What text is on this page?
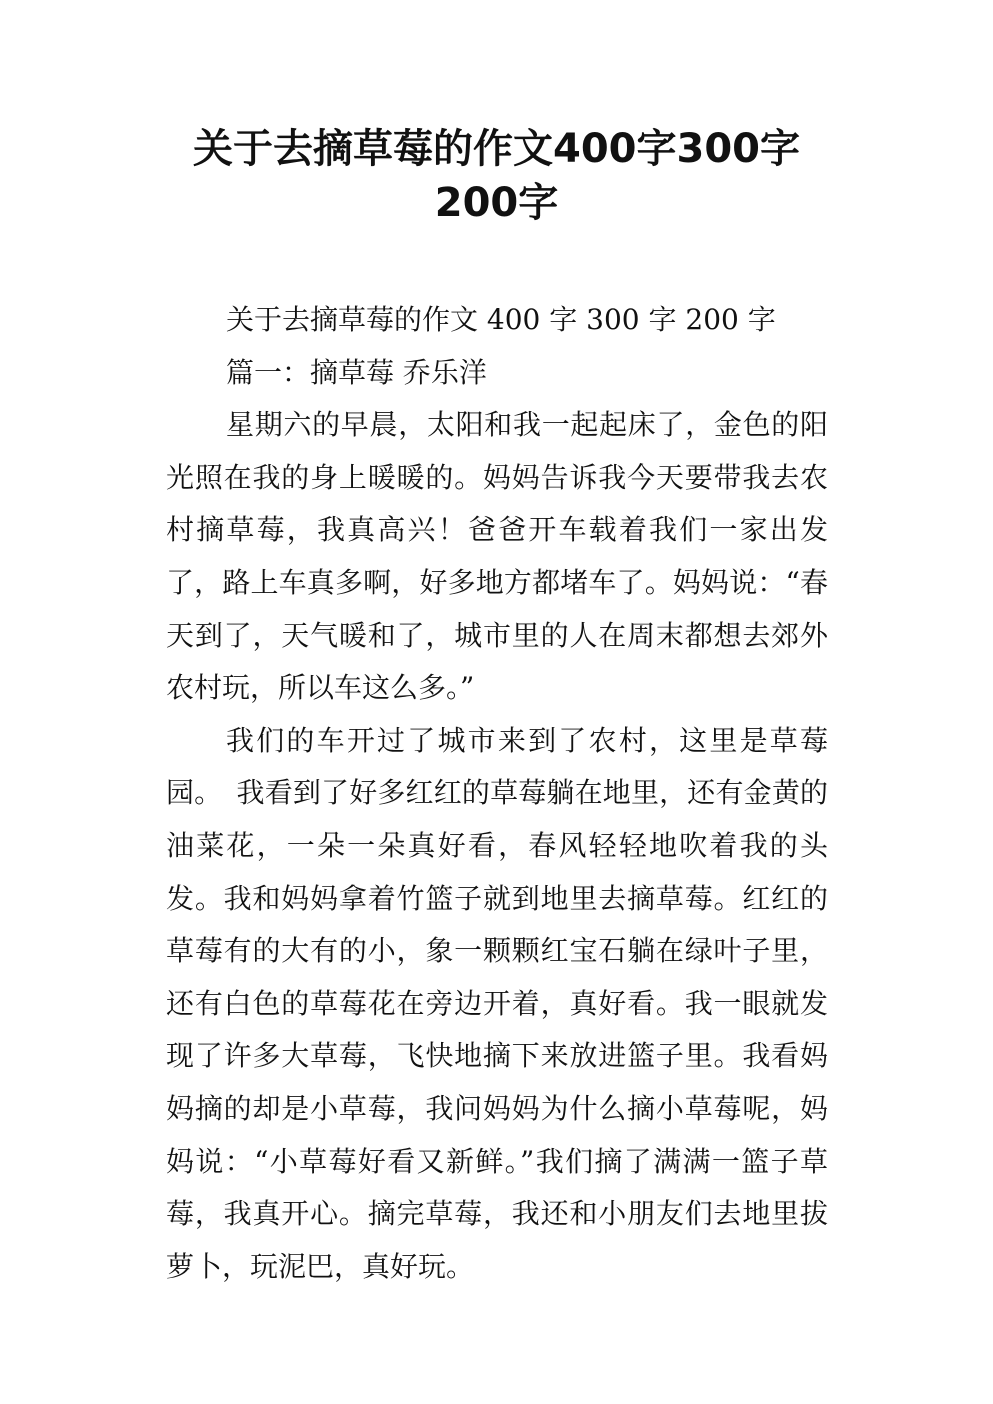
关于去摘草莓的作文400字300字
200字

关于去摘草莓的作文 400 字 300 字 200 字

篇一：摘草莓 乔乐洋

星期六的早晨，太阳和我一起起床了，金色的阳光照在我的身上暖暖的。妈妈告诉我今天要带我去农村摘草莓，我真高兴！爸爸开车载着我们一家出发了，路上车真多啊，好多地方都堵车了。妈妈说：“春天到了，天气暖和了，城市里的人在周末都想去郊外农村玩，所以车这么多。”

我们的车开过了城市来到了农村，这里是草莓园。　我看到了好多红红的草莓躺在地里，还有金黄的油菜花，一朵一朵真好看，春风轻轻地吹着我的头发。我和妈妈拿着竹篮子就到地里去摘草莓。红红的草莓有的大有的小，象一颗颗红宝石躺在绿叶子里，还有白色的草莓花在旁边开着，真好看。我一眼就发现了许多大草莓，飞快地摘下来放进篮子里。我看妈妈摘的却是小草莓，我问妈妈为什么摘小草莓呢，妈妈说：“小草莓好看又新鲜。”我们摘了满满一篮子草莓，我真开心。摘完草莓，我还和小朋友们去地里拔萝卜，玩泥巴，真好玩。
